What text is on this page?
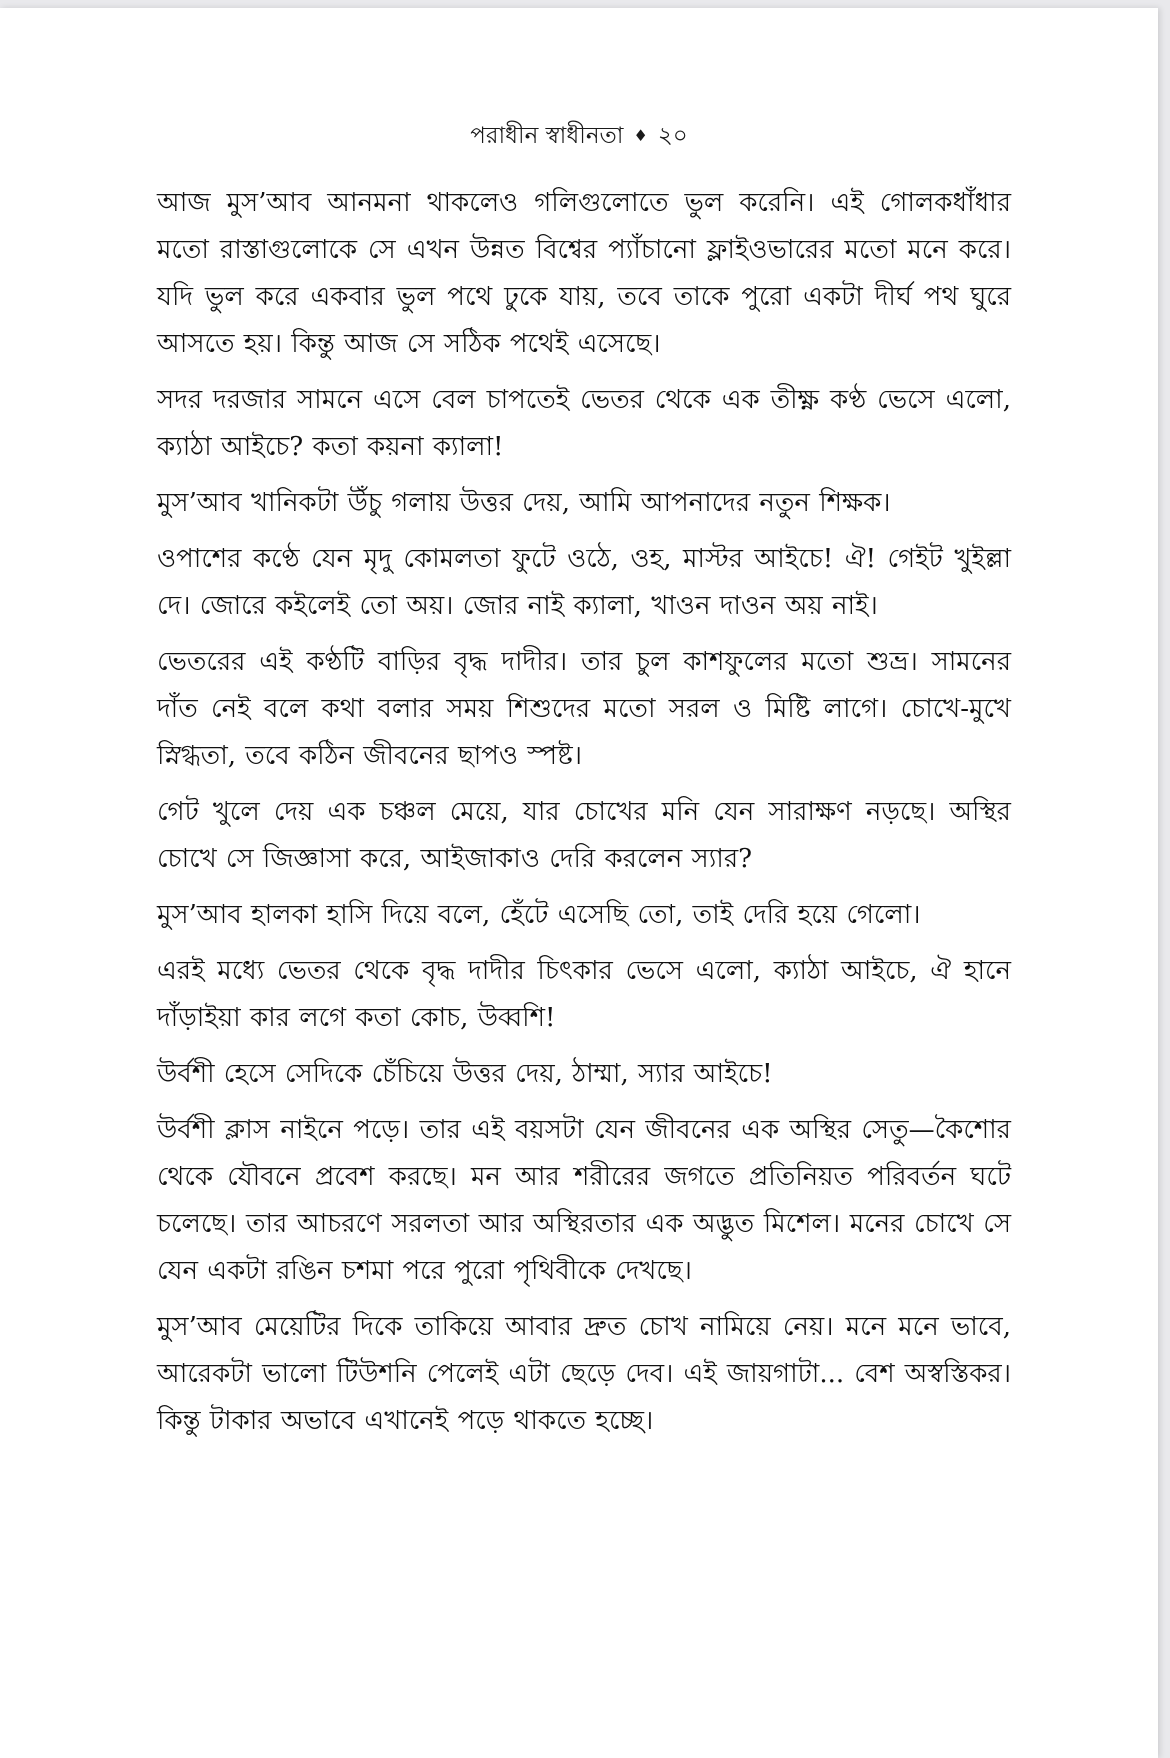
পরাধীন স্বাধীনতা ♦ ২০

আজ মুস’আব আনমনা থাকলেও গলিগুলোতে ভুল করেনি। এই গোলকধাঁধার মতো রাস্তাগুলোকে সে এখন উন্নত বিশ্বের প্যাঁচানো ফ্লাইওভারের মতো মনে করে। যদি ভুল করে একবার ভুল পথে ঢুকে যায়, তবে তাকে পুরো একটা দীর্ঘ পথ ঘুরে আসতে হয়। কিন্তু আজ সে সঠিক পথেই এসেছে।

সদর দরজার সামনে এসে বেল চাপতেই ভেতর থেকে এক তীক্ষ্ণ কণ্ঠ ভেসে এলো, ক্যাঠা আইচে? কতা কয়না ক্যালা!

মুস’আব খানিকটা উঁচু গলায় উত্তর দেয়, আমি আপনাদের নতুন শিক্ষক।

ওপাশের কণ্ঠে যেন মৃদু কোমলতা ফুটে ওঠে, ওহ, মাস্টর আইচে! ঐ! গেইট খুইল্লা দে। জোরে কইলেই তো অয়। জোর নাই ক্যালা, খাওন দাওন অয় নাই।

ভেতরের এই কণ্ঠটি বাড়ির বৃদ্ধ দাদীর। তার চুল কাশফুলের মতো শুভ্র। সামনের দাঁত নেই বলে কথা বলার সময় শিশুদের মতো সরল ও মিষ্টি লাগে। চোখে-মুখে স্নিগ্ধতা, তবে কঠিন জীবনের ছাপও স্পষ্ট।

গেট খুলে দেয় এক চঞ্চল মেয়ে, যার চোখের মনি যেন সারাক্ষণ নড়ছে। অস্থির চোখে সে জিজ্ঞাসা করে, আইজাকাও দেরি করলেন স্যার?

মুস’আব হালকা হাসি দিয়ে বলে, হেঁটে এসেছি তো, তাই দেরি হয়ে গেলো।

এরই মধ্যে ভেতর থেকে বৃদ্ধ দাদীর চিৎকার ভেসে এলো, ক্যাঠা আইচে, ঐ হানে দাঁড়াইয়া কার লগে কতা কোচ, উব্বশি!

উর্বশী হেসে সেদিকে চেঁচিয়ে উত্তর দেয়, ঠাম্মা, স্যার আইচে!

উর্বশী ক্লাস নাইনে পড়ে। তার এই বয়সটা যেন জীবনের এক অস্থির সেতু—কৈশোর থেকে যৌবনে প্রবেশ করছে। মন আর শরীরের জগতে প্রতিনিয়ত পরিবর্তন ঘটে চলেছে। তার আচরণে সরলতা আর অস্থিরতার এক অদ্ভুত মিশেল। মনের চোখে সে যেন একটা রঙিন চশমা পরে পুরো পৃথিবীকে দেখছে।

মুস’আব মেয়েটির দিকে তাকিয়ে আবার দ্রুত চোখ নামিয়ে নেয়। মনে মনে ভাবে, আরেকটা ভালো টিউশনি পেলেই এটা ছেড়ে দেব। এই জায়গাটা... বেশ অস্বস্তিকর। কিন্তু টাকার অভাবে এখানেই পড়ে থাকতে হচ্ছে।
